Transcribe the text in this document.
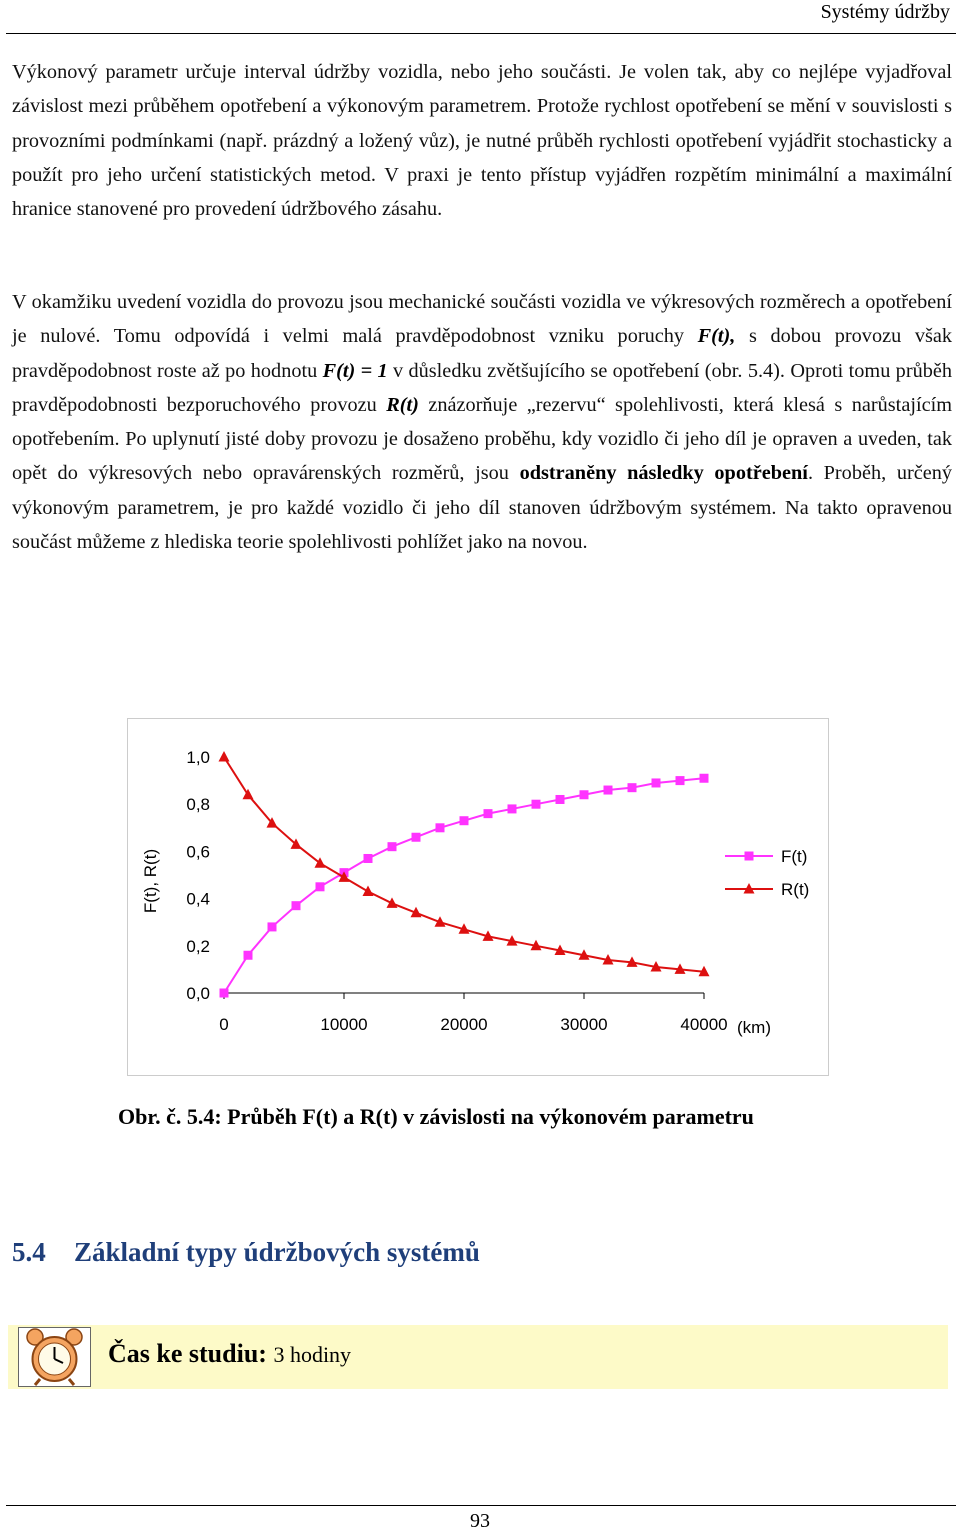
Systémy údržby

Výkonový parametr určuje interval údržby vozidla, nebo jeho součásti. Je volen tak, aby co nejlépe vyjadřoval závislost mezi průběhem opotřebení a výkonovým parametrem. Protože rychlost opotřebení se mění v souvislosti s provozními podmínkami (např. prázdný a ložený vůz), je nutné průběh rychlosti opotřebení vyjádřit stochasticky a použít pro jeho určení statistických metod. V praxi je tento přístup vyjádřen rozpětím minimální a maximální hranice stanovené pro provedení údržbového zásahu.

V okamžiku uvedení vozidla do provozu jsou mechanické součásti vozidla ve výkresových rozměrech a opotřebení je nulové. Tomu odpovídá i velmi malá pravděpodobnost vzniku poruchy F(t), s dobou provozu však pravděpodobnost roste až po hodnotu F(t) = 1 v důsledku zvětšujícího se opotřebení (obr. 5.4). Oproti tomu průběh pravděpodobnosti bezporuchového provozu R(t) znázorňuje „rezervu“ spolehlivosti, která klesá s narůstajícím opotřebením. Po uplynutí jisté doby provozu je dosaženo proběhu, kdy vozidlo či jeho díl je opraven a uveden, tak opět do výkresových nebo opravárenských rozměrů, jsou odstraněny následky opotřebení. Proběh, určený výkonovým parametrem, je pro každé vozidlo či jeho díl stanoven údržbovým systémem. Na takto opravenou součást můžeme z hlediska teorie spolehlivosti pohlížet jako na novou.

0	10000	20000	30000	40000
0,0
0,2
0,4
0,6
0,8
1,0
F(t), R(t)
(km)
F(t)
R(t)
Obr. č. 5.4: Průběh F(t) a R(t) v závislosti na výkonovém parametru
5.4 Základní typy údržbových systémů
Čas ke studiu: 3 hodiny
93
